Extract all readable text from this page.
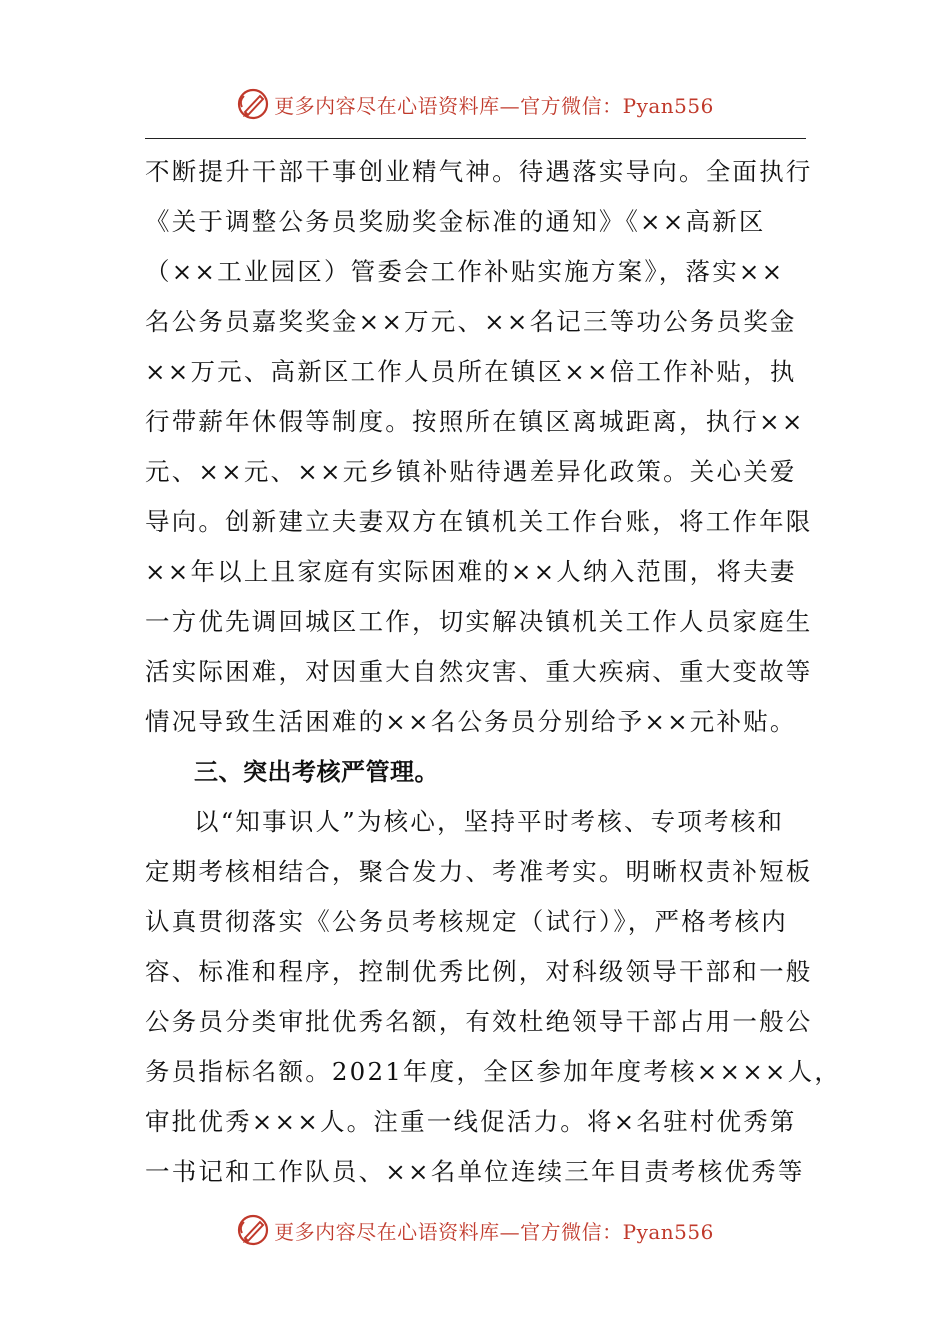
更多内容尽在心语资料库—官方微信：Pyan556
不断提升干部干事创业精气神。待遇落实导向。全面执行
《关于调整公务员奖励奖金标准的通知》《××高新区
（××工业园区）管委会工作补贴实施方案》，落实××
名公务员嘉奖奖金××万元、××名记三等功公务员奖金
××万元、高新区工作人员所在镇区××倍工作补贴，执
行带薪年休假等制度。按照所在镇区离城距离，执行××
元、××元、××元乡镇补贴待遇差异化政策。关心关爱
导向。创新建立夫妻双方在镇机关工作台账，将工作年限
××年以上且家庭有实际困难的××人纳入范围，将夫妻
一方优先调回城区工作，切实解决镇机关工作人员家庭生
活实际困难，对因重大自然灾害、重大疾病、重大变故等
情况导致生活困难的××名公务员分别给予××元补贴。
三、突出考核严管理。
以“知事识人”为核心，坚持平时考核、专项考核和
定期考核相结合，聚合发力、考准考实。明晰权责补短板
认真贯彻落实《公务员考核规定（试行）》，严格考核内
容、标准和程序，控制优秀比例，对科级领导干部和一般
公务员分类审批优秀名额，有效杜绝领导干部占用一般公
务员指标名额。2021年度，全区参加年度考核××××人，
审批优秀×××人。注重一线促活力。将×名驻村优秀第
一书记和工作队员、××名单位连续三年目责考核优秀等
更多内容尽在心语资料库—官方微信：Pyan556
